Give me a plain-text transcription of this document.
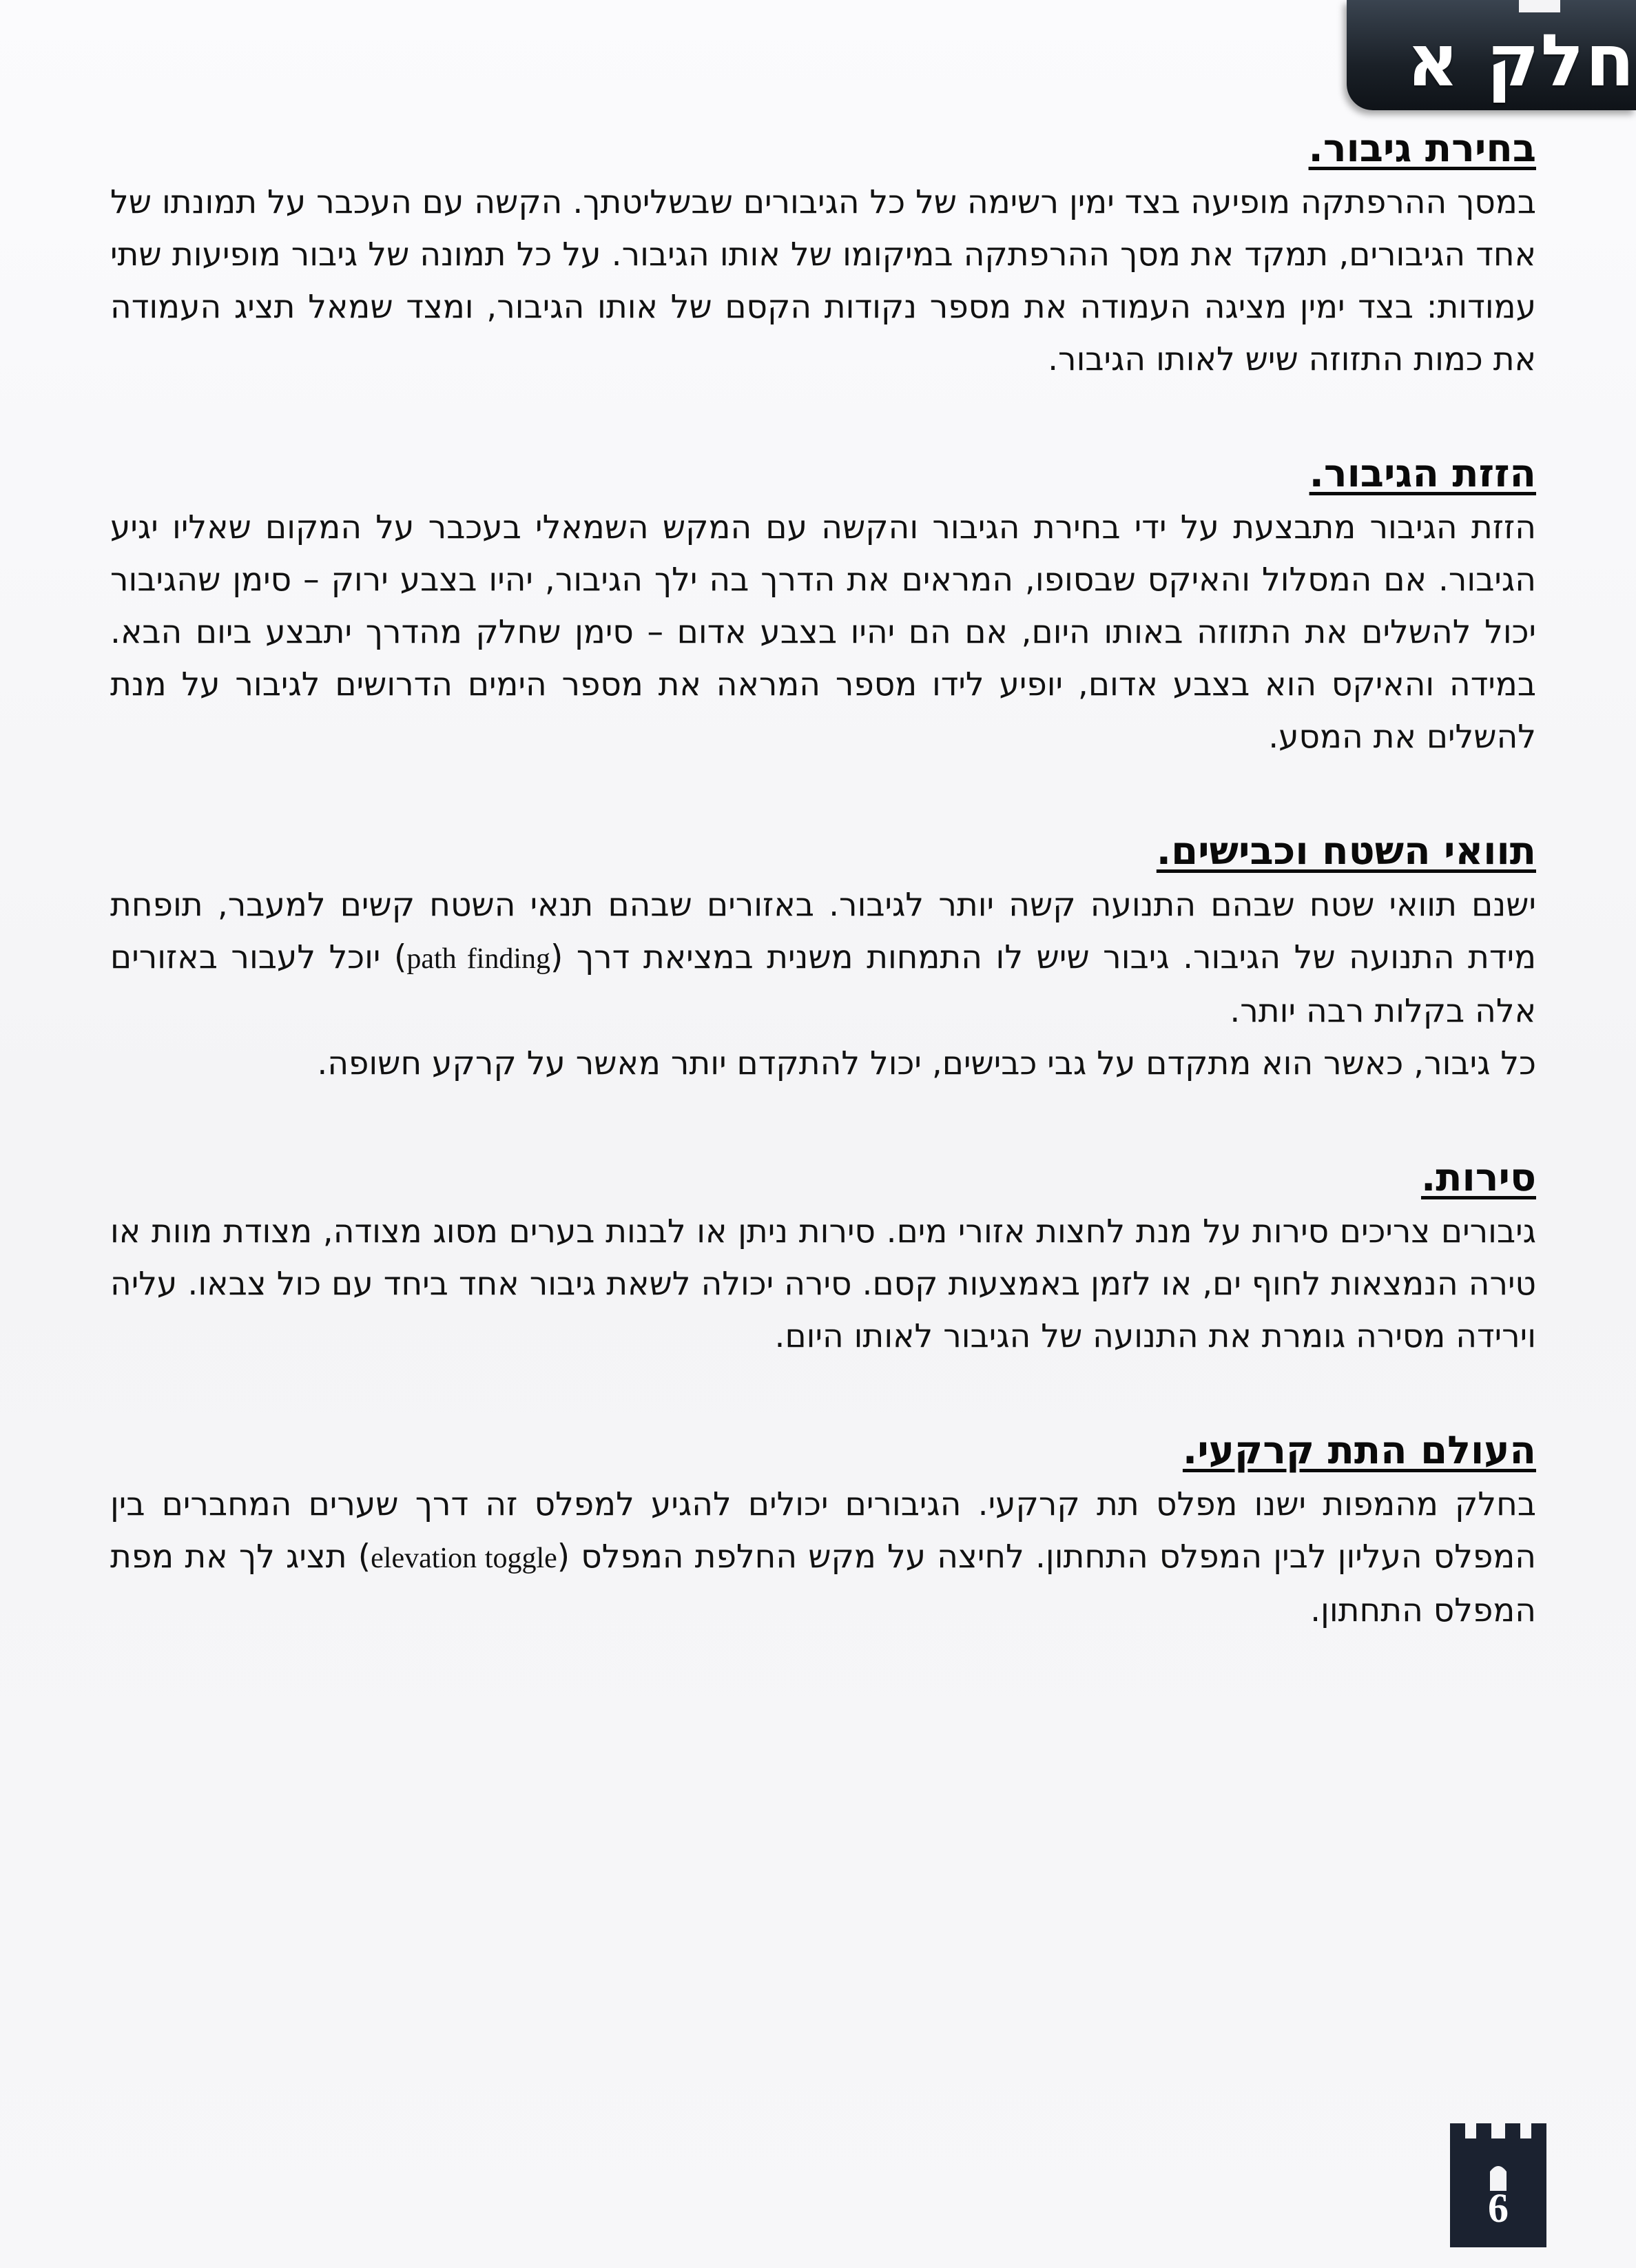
חלק א
בחירת גיבור.

במסך ההרפתקה מופיעה בצד ימין רשימה של כל הגיבורים שבשליטתך. הקשה עם העכבר על תמונתו של אחד הגיבורים, תמקד את מסך ההרפתקה במיקומו של אותו הגיבור. על כל תמונה של גיבור מופיעות שתי עמודות: בצד ימין מציגה העמודה את מספר נקודות הקסם של אותו הגיבור, ומצד שמאל תציג העמודה את כמות התזוזה שיש לאותו הגיבור.

הזזת הגיבור.

הזזת הגיבור מתבצעת על ידי בחירת הגיבור והקשה עם המקש השמאלי בעכבר על המקום שאליו יגיע הגיבור. אם המסלול והאיקס שבסופו, המראים את הדרך בה ילך הגיבור, יהיו בצבע ירוק – סימן שהגיבור יכול להשלים את התזוזה באותו היום, אם הם יהיו בצבע אדום – סימן שחלק מהדרך יתבצע ביום הבא. במידה והאיקס הוא בצבע אדום, יופיע לידו מספר המראה את מספר הימים הדרושים לגיבור על מנת להשלים את המסע.

תוואי השטח וכבישים.

ישנם תוואי שטח שבהם התנועה קשה יותר לגיבור. באזורים שבהם תנאי השטח קשים למעבר, תופחת מידת התנועה של הגיבור. גיבור שיש לו התמחות משנית במציאת דרך (path finding) יוכל לעבור באזורים אלה בקלות רבה יותר.

כל גיבור, כאשר הוא מתקדם על גבי כבישים, יכול להתקדם יותר מאשר על קרקע חשופה.

סירות.

גיבורים צריכים סירות על מנת לחצות אזורי מים. סירות ניתן או לבנות בערים מסוג מצודה, מצודת מוות או טירה הנמצאות לחוף ים, או לזמן באמצעות קסם. סירה יכולה לשאת גיבור אחד ביחד עם כול צבאו. עליה וירידה מסירה גומרת את התנועה של הגיבור לאותו היום.

העולם התת קרקעי.

בחלק מהמפות ישנו מפלס תת קרקעי. הגיבורים יכולים להגיע למפלס זה דרך שערים המחברים בין המפלס העליון לבין המפלס התחתון. לחיצה על מקש החלפת המפלס (elevation toggle) תציג לך את מפת המפלס התחתון.

6
